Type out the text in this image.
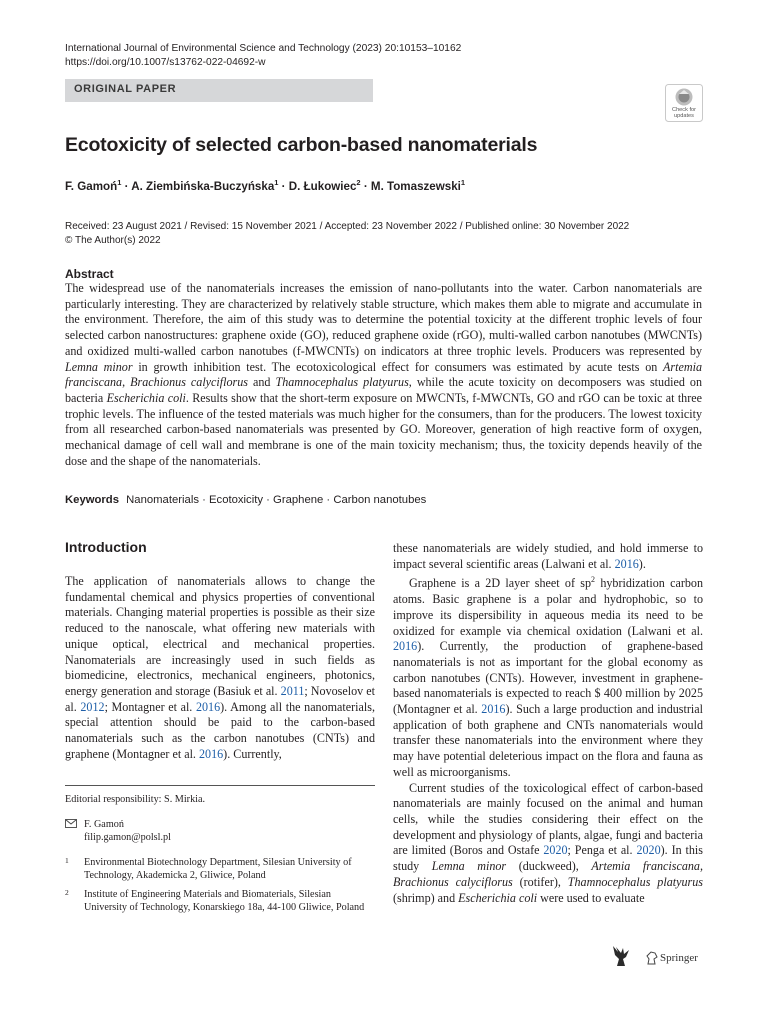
International Journal of Environmental Science and Technology (2023) 20:10153–10162
https://doi.org/10.1007/s13762-022-04692-w
ORIGINAL PAPER
Check for
updates
Ecotoxicity of selected carbon-based nanomaterials
F. Gamoń$^1$ · A. Ziembińska-Buczyńska$^1$ · D. Łukowiec$^2$ · M. Tomaszewski$^1$
Received: 23 August 2021 / Revised: 15 November 2021 / Accepted: 23 November 2022 / Published online: 30 November 2022
© The Author(s) 2022
Abstract
The widespread use of the nanomaterials increases the emission of nano-pollutants into the water. Carbon nanomaterials are particularly interesting. They are characterized by relatively stable structure, which makes them able to migrate and accumulate in the environment. Therefore, the aim of this study was to determine the potential toxicity at the different trophic levels of four selected carbon nanostructures: graphene oxide (GO), reduced graphene oxide (rGO), multi-walled carbon nanotubes (MWCNTs) and oxidized multi-walled carbon nanotubes (f-MWCNTs) on indicators at three trophic levels. Producers was represented by Lemna minor in growth inhibition test. The ecotoxicological effect for consumers was estimated by acute tests on Artemia franciscana, Brachionus calyciflorus and Thamnocephalus platyurus, while the acute toxicity on decomposers was studied on bacteria Escherichia coli. Results show that the short-term exposure on MWCNTs, f-MWCNTs, GO and rGO can be toxic at three trophic levels. The influence of the tested materials was much higher for the consumers, than for the producers. The lowest toxicity from all researched carbon-based nanomaterials was presented by GO. Moreover, generation of high reactive form of oxygen, mechanical damage of cell wall and membrane is one of the main toxicity mechanism; thus, the toxicity depends heavily of the dose and the shape of the nanomaterials.
Keywords Nanomaterials · Ecotoxicity · Graphene · Carbon nanotubes
Introduction

The application of nanomaterials allows to change the fundamental chemical and physics properties of conventional materials. Changing material properties is possible as their size reduced to the nanoscale, what offering new materials with unique optical, electrical and mechanical properties. Nanomaterials are increasingly used in such fields as biomedicine, electronics, mechanical engineers, photonics, energy generation and storage (Basiuk et al. 2011; Novoselov et al. 2012; Montagner et al. 2016). Among all the nanomaterials, special attention should be paid to the carbon-based nanomaterials such as the carbon nanotubes (CNTs) and graphene (Montagner et al. 2016). Currently,

these nanomaterials are widely studied, and hold immerse to impact several scientific areas (Lalwani et al. 2016).

Graphene is a 2D layer sheet of $sp^2$ hybridization carbon atoms. Basic graphene is a polar and hydrophobic, so to improve its dispersibility in aqueous media its need to be oxidized for example via chemical oxidation (Lalwani et al. 2016). Currently, the production of graphene-based nanomaterials is not as important for the global economy as carbon nanotubes (CNTs). However, investment in graphene-based nanomaterials is expected to reach $ 400 million by 2025 (Montagner et al. 2016). Such a large production and industrial application of both graphene and CNTs nanomaterials would transfer these nanomaterials into the environment where they may have potential deleterious impact on the flora and fauna as well as microorganisms.

Current studies of the toxicological effect of carbon-based nanomaterials are mainly focused on the animal and human cells, while the studies considering their effect on the development and physiology of plants, algae, fungi and bacteria are limited (Boros and Ostafe 2020; Penga et al. 2020). In this study Lemna minor (duckweed), Artemia franciscana, Brachionus calyciflorus (rotifer), Thamnocephalus platyurus (shrimp) and Escherichia coli were used to evaluate

Editorial responsibility: S. Mirkia.
F. Gamoń
filip.gamon@polsl.pl
1 Environmental Biotechnology Department, Silesian University of Technology, Akademicka 2, Gliwice, Poland
2 Institute of Engineering Materials and Biomaterials, Silesian University of Technology, Konarskiego 18a, 44-100 Gliwice, Poland
Springer
